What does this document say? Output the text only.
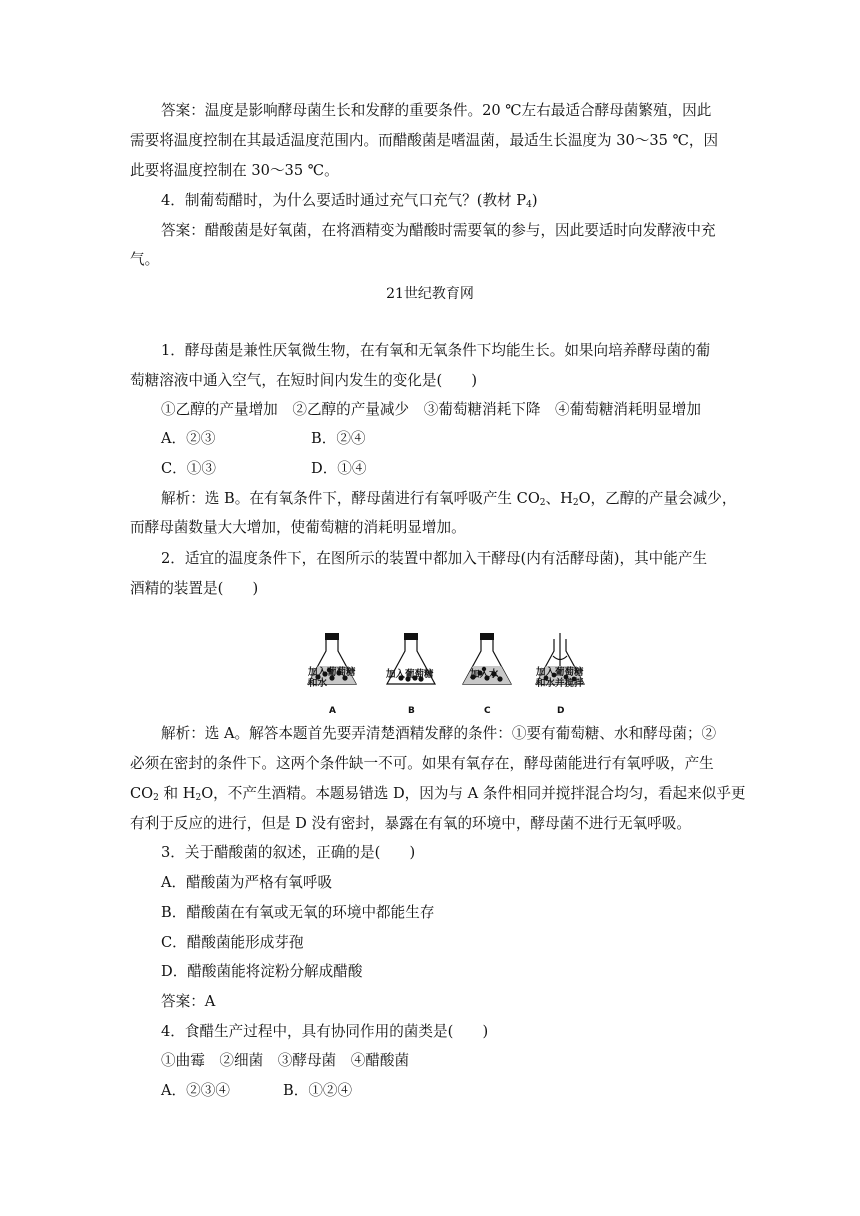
答案：温度是影响酵母菌生长和发酵的重要条件。20 ℃左右最适合酵母菌繁殖，因此

需要将温度控制在其最适温度范围内。而醋酸菌是嗜温菌，最适生长温度为 30～35 ℃，因

此要将温度控制在 30～35 ℃。

4．制葡萄醋时，为什么要适时通过充气口充气？(教材 $P_4$)

答案：醋酸菌是好氧菌，在将酒精变为醋酸时需要氧的参与，因此要适时向发酵液中充

气。

21世纪教育网

1．酵母菌是兼性厌氧微生物，在有氧和无氧条件下均能生长。如果向培养酵母菌的葡

萄糖溶液中通入空气，在短时间内发生的变化是(　　)

①乙醇的产量增加　②乙醇的产量减少　③葡萄糖消耗下降　④葡萄糖消耗明显增加

A．②③	B．②④
C．①③	D．①④

解析：选 B。在有氧条件下，酵母菌进行有氧呼吸产生 $CO_2$、$H_2O$，乙醇的产量会减少，

而酵母菌数量大大增加，使葡萄糖的消耗明显增加。

2．适宜的温度条件下，在图所示的装置中都加入干酵母(内有活酵母菌)，其中能产生

酒精的装置是(　　)

加入葡萄糖和水
加入葡萄糖	加入水	加入葡萄糖和水并搅拌
A	B	C	D

解析：选 A。解答本题首先要弄清楚酒精发酵的条件：①要有葡萄糖、水和酵母菌；②

必须在密封的条件下。这两个条件缺一不可。如果有氧存在，酵母菌能进行有氧呼吸，产生

$CO_2$ 和 $H_2O$，不产生酒精。本题易错选 D，因为与 A 条件相同并搅拌混合均匀，看起来似乎更

有利于反应的进行，但是 D 没有密封，暴露在有氧的环境中，酵母菌不进行无氧呼吸。

3．关于醋酸菌的叙述，正确的是(　　)

A．醋酸菌为严格有氧呼吸

B．醋酸菌在有氧或无氧的环境中都能生存

C．醋酸菌能形成芽孢

D．醋酸菌能将淀粉分解成醋酸

答案：A

4．食醋生产过程中，具有协同作用的菌类是(　　)

①曲霉　②细菌　③酵母菌　④醋酸菌

A．②③④	B．①②④
